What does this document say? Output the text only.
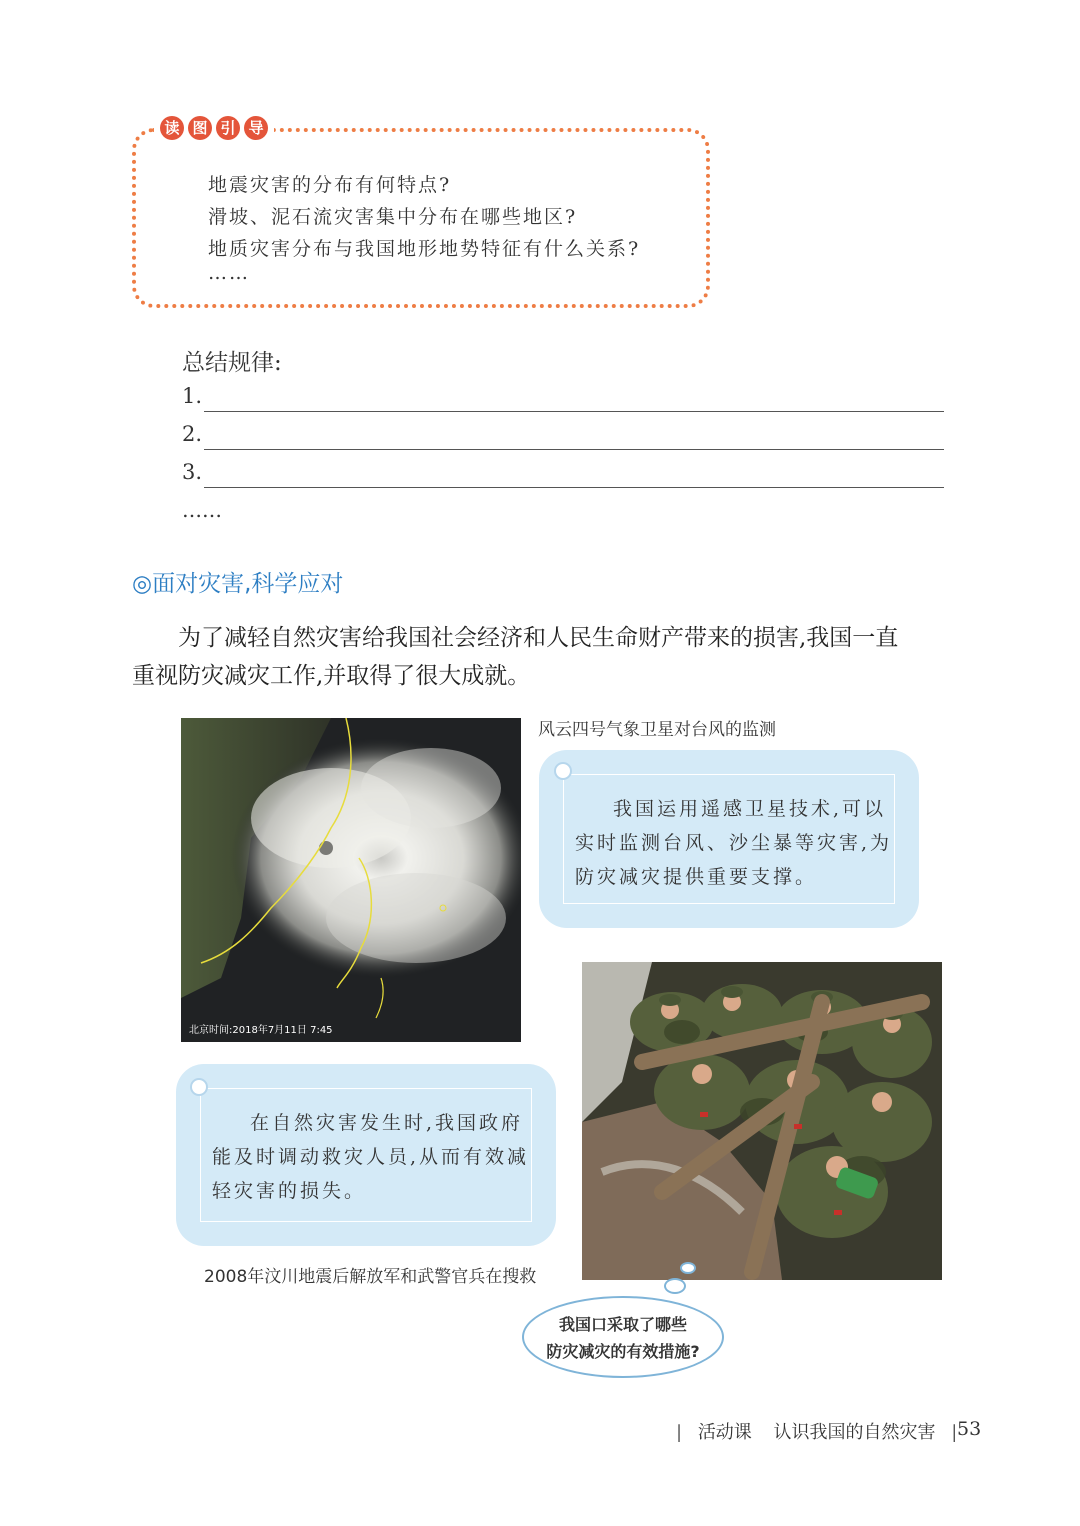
读 图 引 导
地震灾害的分布有何特点?
滑坡、泥石流灾害集中分布在哪些地区?
地质灾害分布与我国地形地势特征有什么关系?
……
总结规律:
1.
2.
3.
……
◎面对灾害,科学应对
为了减轻自然灾害给我国社会经济和人民生命财产带来的损害,我国一直
重视防灾减灾工作,并取得了很大成就。
北京时间:2018年7月11日 7:45
风云四号气象卫星对台风的监测
我国运用遥感卫星技术,可以实时监测台风、沙尘暴等灾害,为防灾减灾提供重要支撑。
在自然灾害发生时,我国政府能及时调动救灾人员,从而有效减轻灾害的损失。
2008年汶川地震后解放军和武警官兵在搜救
我国口采取了哪些
防灾减灾的有效措施?
| 活动课 认识我国的自然灾害 | 53
